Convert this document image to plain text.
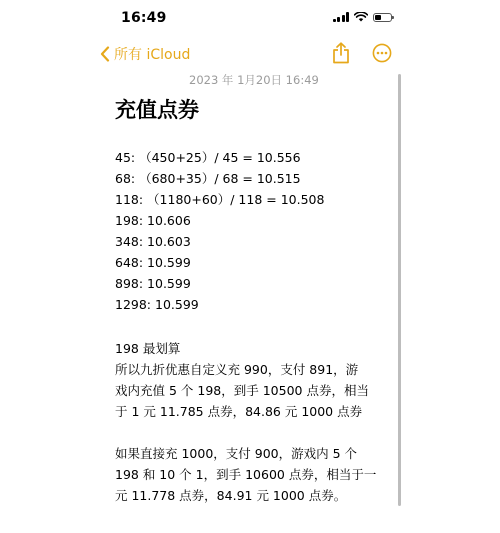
16:49
所有 iCloud
2023 年 1月20日 16:49
充值点券
45: （450+25）/ 45 = 10.556
68: （680+35）/ 68 = 10.515
118: （1180+60）/ 118 = 10.508
198: 10.606
348: 10.603
648: 10.599
898: 10.599
1298: 10.599
198 最划算
所以九折优惠自定义充 990，支付 891，游
戏内充值 5 个 198，到手 10500 点券，相当
于 1 元 11.785 点券，84.86 元 1000 点券
如果直接充 1000，支付 900，游戏内 5 个
198 和 10 个 1，到手 10600 点券，相当于一
元 11.778 点券，84.91 元 1000 点券。
